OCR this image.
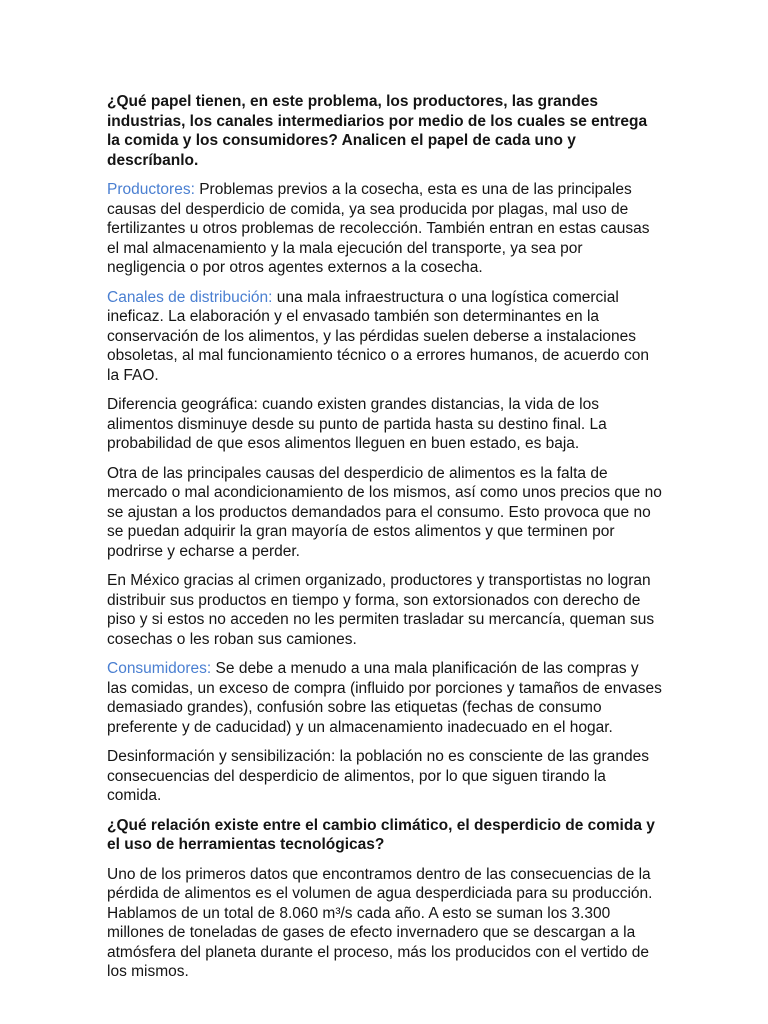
¿Qué papel tienen, en este problema, los productores, las grandes industrias, los canales intermediarios por medio de los cuales se entrega la comida y los consumidores? Analicen el papel de cada uno y descríbanlo.

Productores: Problemas previos a la cosecha, esta es una de las principales causas del desperdicio de comida, ya sea producida por plagas, mal uso de fertilizantes u otros problemas de recolección. También entran en estas causas el mal almacenamiento y la mala ejecución del transporte, ya sea por negligencia o por otros agentes externos a la cosecha.

Canales de distribución: una mala infraestructura o una logística comercial ineficaz. La elaboración y el envasado también son determinantes en la conservación de los alimentos, y las pérdidas suelen deberse a instalaciones obsoletas, al mal funcionamiento técnico o a errores humanos, de acuerdo con la FAO.

Diferencia geográfica: cuando existen grandes distancias, la vida de los alimentos disminuye desde su punto de partida hasta su destino final. La probabilidad de que esos alimentos lleguen en buen estado, es baja.

Otra de las principales causas del desperdicio de alimentos es la falta de mercado o mal acondicionamiento de los mismos, así como unos precios que no se ajustan a los productos demandados para el consumo. Esto provoca que no se puedan adquirir la gran mayoría de estos alimentos y que terminen por podrirse y echarse a perder.

En México gracias al crimen organizado, productores y transportistas no logran distribuir sus productos en tiempo y forma, son extorsionados con derecho de piso y si estos no acceden no les permiten trasladar su mercancía, queman sus cosechas o les roban sus camiones.

Consumidores: Se debe a menudo a una mala planificación de las compras y las comidas, un exceso de compra (influido por porciones y tamaños de envases demasiado grandes), confusión sobre las etiquetas (fechas de consumo preferente y de caducidad) y un almacenamiento inadecuado en el hogar.

Desinformación y sensibilización: la población no es consciente de las grandes consecuencias del desperdicio de alimentos, por lo que siguen tirando la comida.

¿Qué relación existe entre el cambio climático, el desperdicio de comida y el uso de herramientas tecnológicas?

Uno de los primeros datos que encontramos dentro de las consecuencias de la pérdida de alimentos es el volumen de agua desperdiciada para su producción. Hablamos de un total de 8.060 m³/s cada año. A esto se suman los 3.300 millones de toneladas de gases de efecto invernadero que se descargan a la atmósfera del planeta durante el proceso, más los producidos con el vertido de los mismos.
